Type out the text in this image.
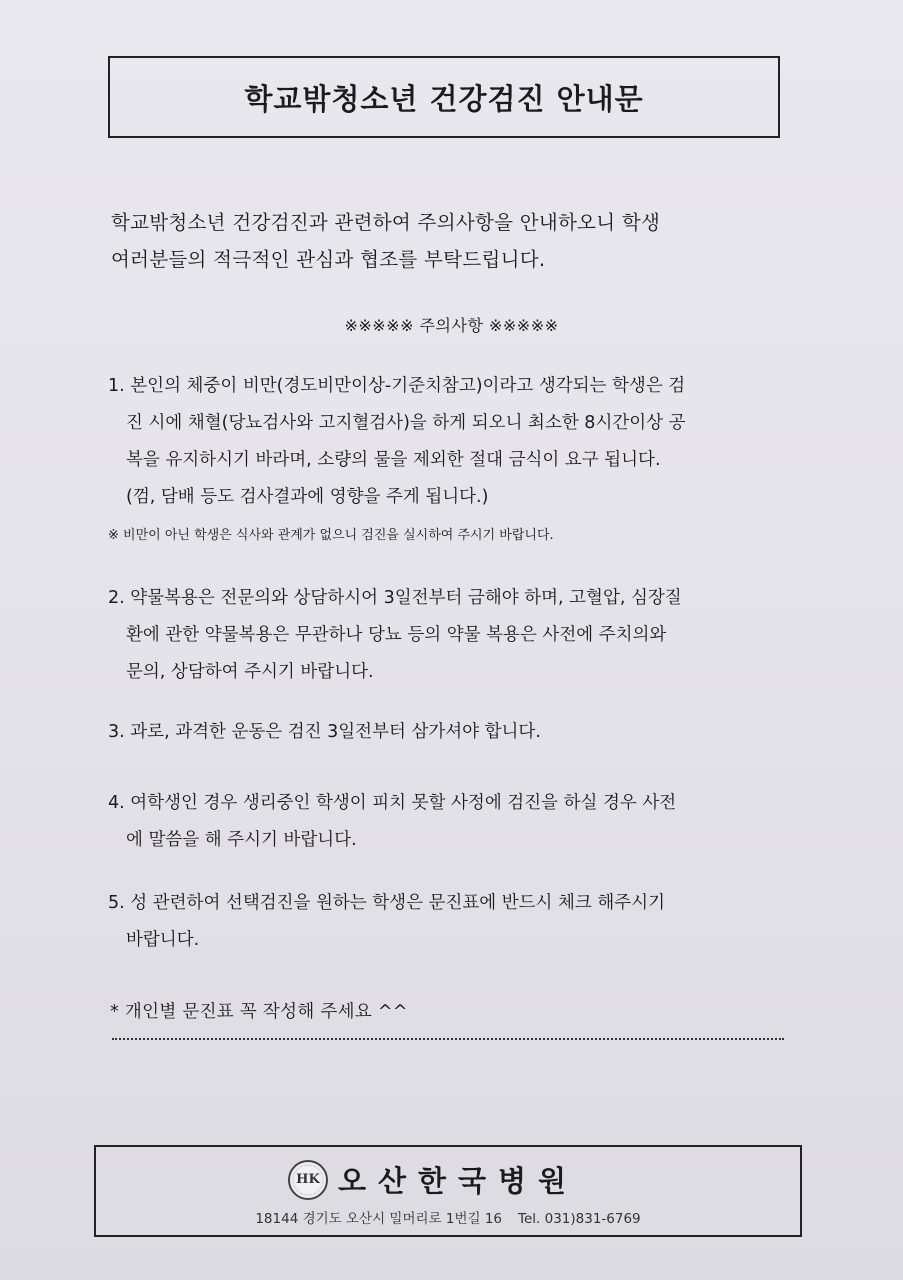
학교밖청소년 건강검진 안내문
학교밖청소년 건강검진과 관련하여 주의사항을 안내하오니 학생
여러분들의 적극적인 관심과 협조를 부탁드립니다.
※※※※※ 주의사항 ※※※※※
1. 본인의 체중이 비만(경도비만이상-기준치참고)이라고 생각되는 학생은 검
진 시에 채혈(당뇨검사와 고지혈검사)을 하게 되오니 최소한 8시간이상 공
복을 유지하시기 바라며, 소량의 물을 제외한 절대 금식이 요구 됩니다.
(껌, 담배 등도 검사결과에 영향을 주게 됩니다.)
※ 비만이 아닌 학생은 식사와 관계가 없으니 검진을 실시하여 주시기 바랍니다.
2. 약물복용은 전문의와 상담하시어 3일전부터 금해야 하며, 고혈압, 심장질
환에 관한 약물복용은 무관하나 당뇨 등의 약물 복용은 사전에 주치의와
문의, 상담하여 주시기 바랍니다.
3. 과로, 과격한 운동은 검진 3일전부터 삼가셔야 합니다.
4. 여학생인 경우 생리중인 학생이 피치 못할 사정에 검진을 하실 경우 사전
에 말씀을 해 주시기 바랍니다.
5. 성 관련하여 선택검진을 원하는 학생은 문진표에 반드시 체크 해주시기
바랍니다.
* 개인별 문진표 꼭 작성해 주세요 ^^
HK 오산한국병원
18144 경기도 오산시 밀머리로 1번길 16 Tel. 031)831-6769
